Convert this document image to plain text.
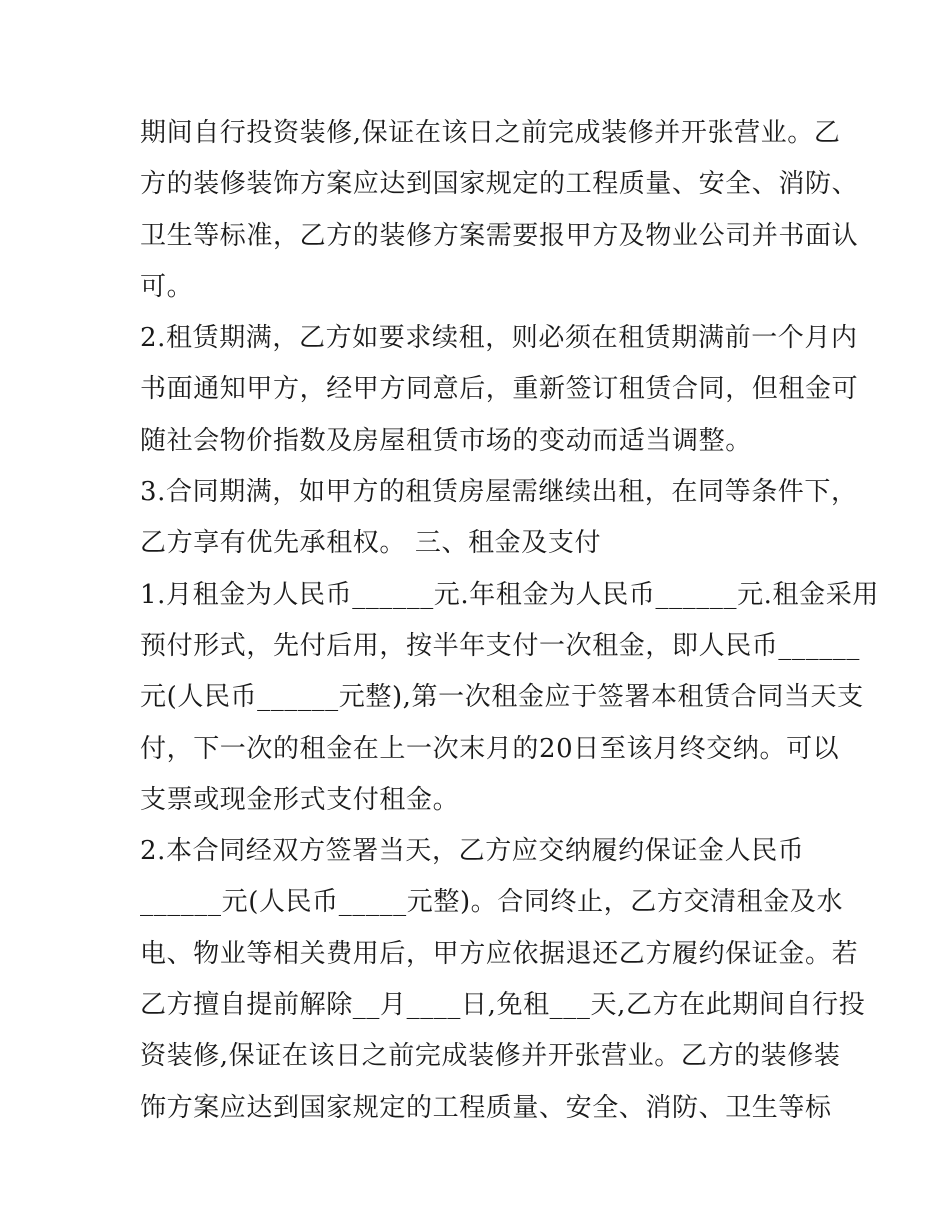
期间自行投资装修,保证在该日之前完成装修并开张营业。乙
方的装修装饰方案应达到国家规定的工程质量、安全、消防、
卫生等标准，乙方的装修方案需要报甲方及物业公司并书面认
可。
2.租赁期满，乙方如要求续租，则必须在租赁期满前一个月内
书面通知甲方，经甲方同意后，重新签订租赁合同，但租金可
随社会物价指数及房屋租赁市场的变动而适当调整。
3.合同期满，如甲方的租赁房屋需继续出租，在同等条件下，
乙方享有优先承租权。 三、租金及支付
1.月租金为人民币______元.年租金为人民币______元.租金采用
预付形式，先付后用，按半年支付一次租金，即人民币______
元(人民币______元整),第一次租金应于签署本租赁合同当天支
付，下一次的租金在上一次末月的20日至该月终交纳。可以
支票或现金形式支付租金。
2.本合同经双方签署当天，乙方应交纳履约保证金人民币
______元(人民币_____元整)。合同终止，乙方交清租金及水
电、物业等相关费用后，甲方应依据退还乙方履约保证金。若
乙方擅自提前解除__月____日,免租___天,乙方在此期间自行投
资装修,保证在该日之前完成装修并开张营业。乙方的装修装
饰方案应达到国家规定的工程质量、安全、消防、卫生等标
